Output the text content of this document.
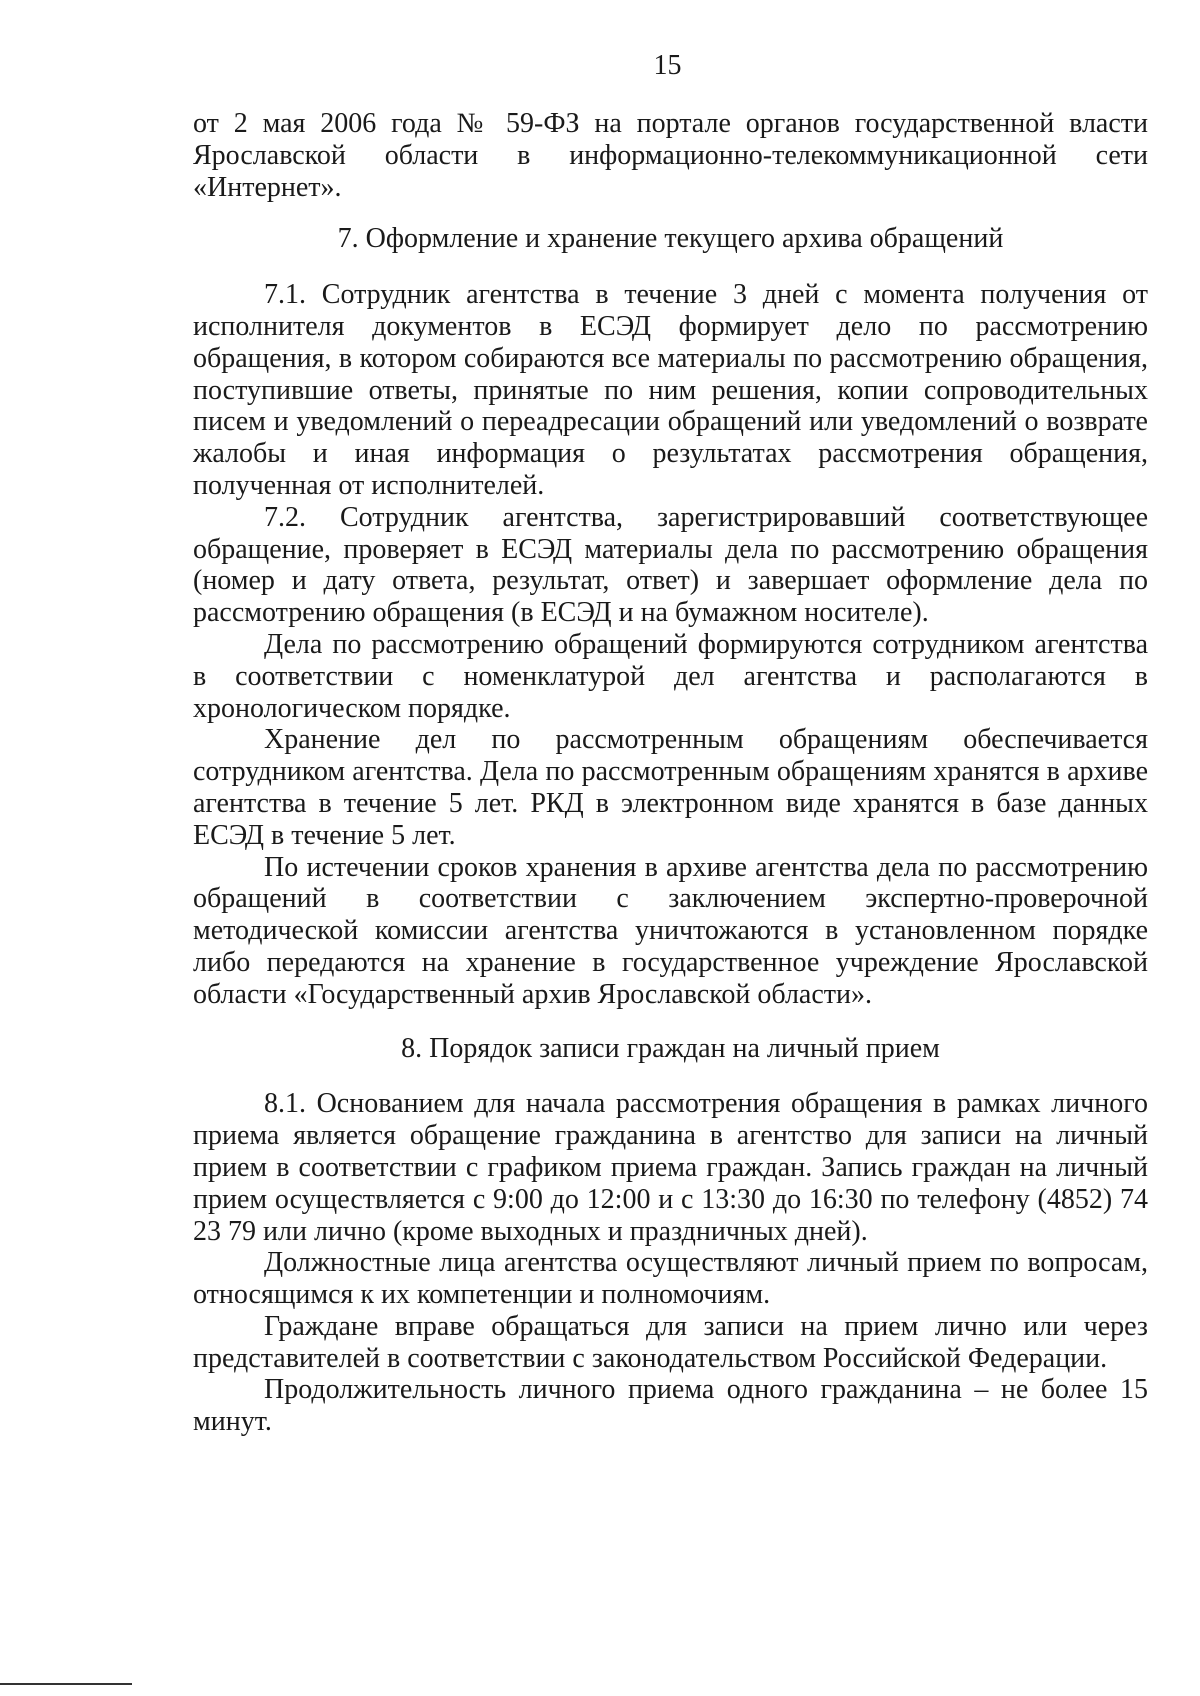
15

от 2 мая 2006 года № 59-ФЗ на портале органов государственной власти Ярославской области в информационно-телекоммуникационной сети «Интернет».

7. Оформление и хранение текущего архива обращений

7.1. Сотрудник агентства в течение 3 дней с момента получения от исполнителя документов в ЕСЭД формирует дело по рассмотрению обращения, в котором собираются все материалы по рассмотрению обращения, поступившие ответы, принятые по ним решения, копии сопроводительных писем и уведомлений о переадресации обращений или уведомлений о возврате жалобы и иная информация о результатах рассмотрения обращения, полученная от исполнителей.

7.2. Сотрудник агентства, зарегистрировавший соответствующее обращение, проверяет в ЕСЭД материалы дела по рассмотрению обращения (номер и дату ответа, результат, ответ) и завершает оформление дела по рассмотрению обращения (в ЕСЭД и на бумажном носителе).

Дела по рассмотрению обращений формируются сотрудником агентства в соответствии с номенклатурой дел агентства и располагаются в хронологическом порядке.

Хранение дел по рассмотренным обращениям обеспечивается сотрудником агентства. Дела по рассмотренным обращениям хранятся в архиве агентства в течение 5 лет. РКД в электронном виде хранятся в базе данных ЕСЭД в течение 5 лет.

По истечении сроков хранения в архиве агентства дела по рассмотрению обращений в соответствии с заключением экспертно-проверочной методической комиссии агентства уничтожаются в установленном порядке либо передаются на хранение в государственное учреждение Ярославской области «Государственный архив Ярославской области».

8. Порядок записи граждан на личный прием

8.1. Основанием для начала рассмотрения обращения в рамках личного приема является обращение гражданина в агентство для записи на личный прием в соответствии с графиком приема граждан. Запись граждан на личный прием осуществляется с 9:00 до 12:00 и с 13:30 до 16:30 по телефону (4852) 74 23 79 или лично (кроме выходных и праздничных дней).

Должностные лица агентства осуществляют личный прием по вопросам, относящимся к их компетенции и полномочиям.

Граждане вправе обращаться для записи на прием лично или через представителей в соответствии с законодательством Российской Федерации.

Продолжительность личного приема одного гражданина – не более 15 минут.
